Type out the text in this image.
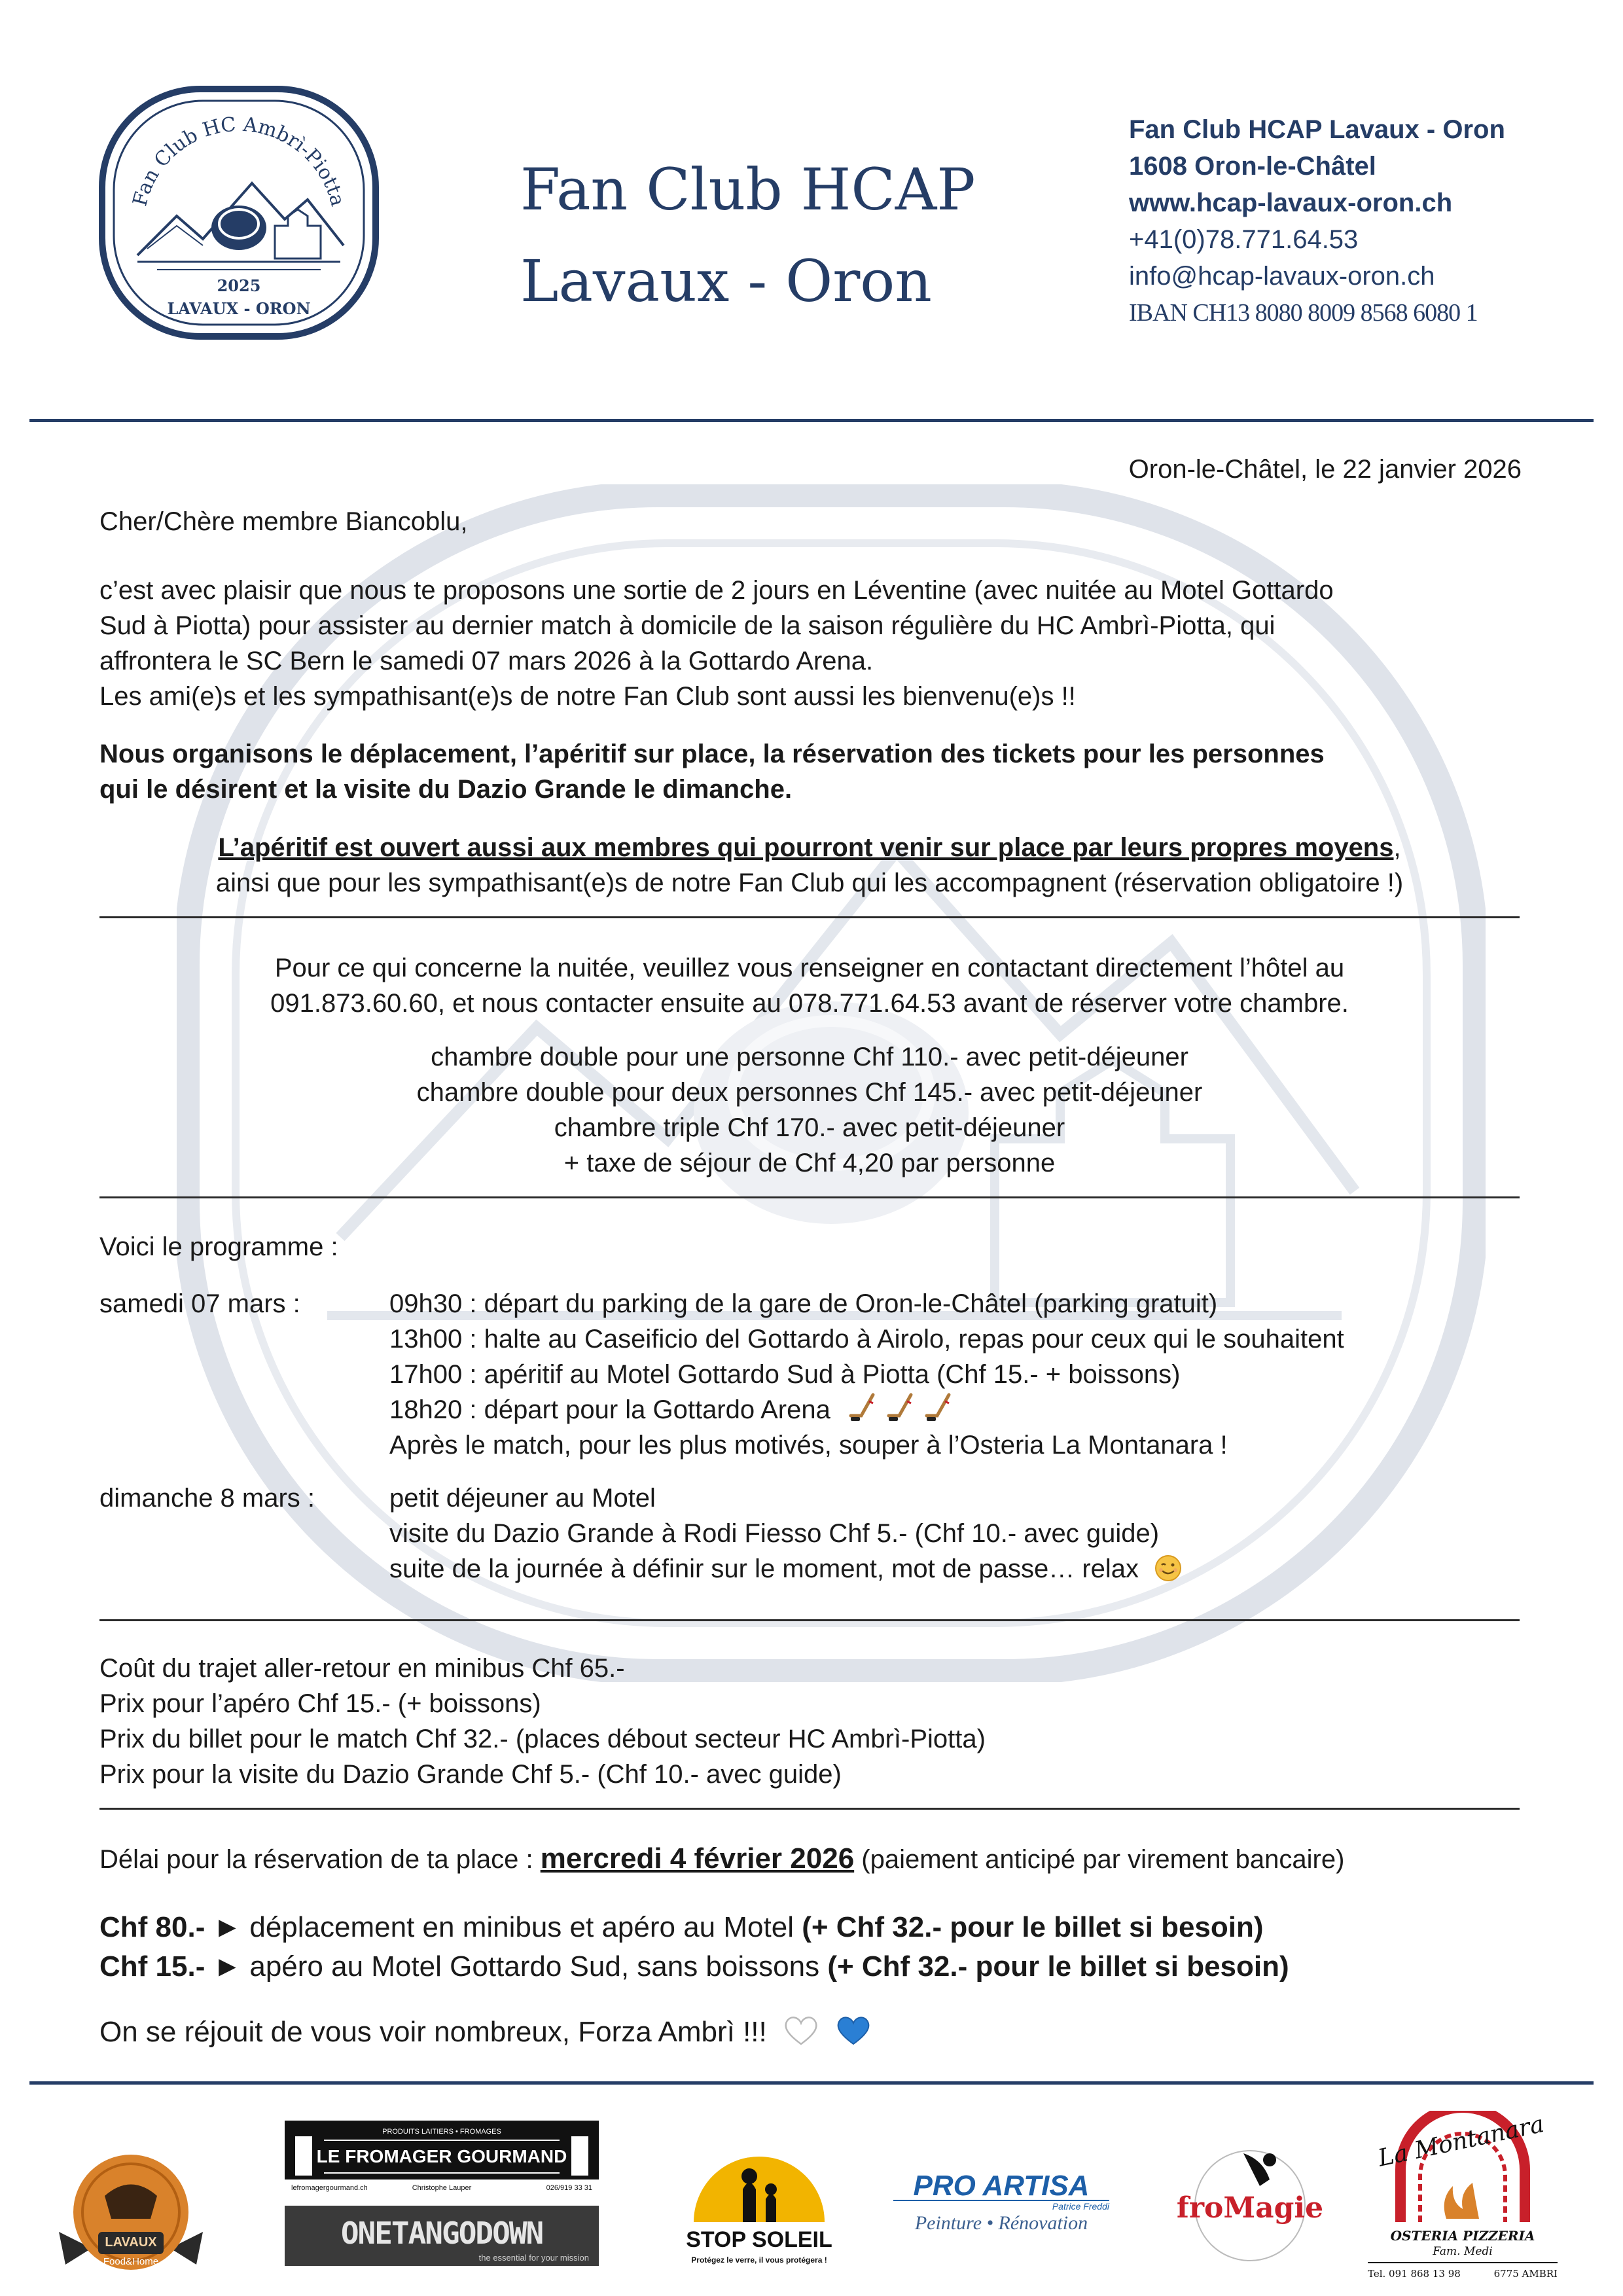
Fan Club HC Ambrì-Piotta
2025
LAVAUX - ORON
Fan Club HCAP
Lavaux - Oron
Fan Club HCAP Lavaux - Oron
1608 Oron-le-Châtel
www.hcap-lavaux-oron.ch
+41(0)78.771.64.53
info@hcap-lavaux-oron.ch
IBAN CH13 8080 8009 8568 6080 1
Oron-le-Châtel, le 22 janvier 2026
Cher/Chère membre Biancoblu,
c’est avec plaisir que nous te proposons une sortie de 2 jours en Léventine (avec nuitée au Motel Gottardo
Sud à Piotta) pour assister au dernier match à domicile de la saison régulière du HC Ambrì-Piotta, qui
affrontera le SC Bern le samedi 07 mars 2026 à la Gottardo Arena.
Les ami(e)s et les sympathisant(e)s de notre Fan Club sont aussi les bienvenu(e)s !!
Nous organisons le déplacement, l’apéritif sur place, la réservation des tickets pour les personnes
qui le désirent et la visite du Dazio Grande le dimanche.
L’apéritif est ouvert aussi aux membres qui pourront venir sur place par leurs propres moyens,
ainsi que pour les sympathisant(e)s de notre Fan Club qui les accompagnent (réservation obligatoire !)
Pour ce qui concerne la nuitée, veuillez vous renseigner en contactant directement l’hôtel au
091.873.60.60, et nous contacter ensuite au 078.771.64.53 avant de réserver votre chambre.
chambre double pour une personne Chf 110.- avec petit-déjeuner
chambre double pour deux personnes Chf 145.- avec petit-déjeuner
chambre triple Chf 170.- avec petit-déjeuner
+ taxe de séjour de Chf 4,20 par personne
Voici le programme :
samedi 07 mars :	09h30 : départ du parking de la gare de Oron-le-Châtel (parking gratuit)
13h00 : halte au Caseificio del Gottardo à Airolo, repas pour ceux qui le souhaitent
17h00 : apéritif au Motel Gottardo Sud à Piotta (Chf 15.- + boissons)
18h20 : départ pour la Gottardo Arena
Après le match, pour les plus motivés, souper à l’Osteria La Montanara !
dimanche 8 mars :	petit déjeuner au Motel
visite du Dazio Grande à Rodi Fiesso Chf 5.- (Chf 10.- avec guide)
suite de la journée à définir sur le moment, mot de passe… relax
Coût du trajet aller-retour en minibus Chf 65.-
Prix pour l’apéro Chf 15.- (+ boissons)
Prix du billet pour le match Chf 32.- (places débout secteur HC Ambrì-Piotta)
Prix pour la visite du Dazio Grande Chf 5.- (Chf 10.- avec guide)
Délai pour la réservation de ta place : mercredi 4 février 2026 (paiement anticipé par virement bancaire)
Chf 80.- ► déplacement en minibus et apéro au Motel (+ Chf 32.- pour le billet si besoin)
Chf 15.- ► apéro au Motel Gottardo Sud, sans boissons (+ Chf 32.- pour le billet si besoin)
On se réjouit de vous voir nombreux, Forza Ambrì !!!
LAVAUX
Food&Home
PRODUITS LAITIERS • FROMAGES
LE FROMAGER GOURMAND
lefromagergourmand.ch	Christophe Lauper	026/919 33 31
ONETANGODOWN
the essential for your mission
STOP SOLEIL
Protégez le verre, il vous protégera !
PRO ARTISA
Patrice Freddi
Peinture • Rénovation	froMagie
La Montanara
OSTERIA PIZZERIA
Fam. Medi
Tel. 091 868 13 98	6775 AMBRI
